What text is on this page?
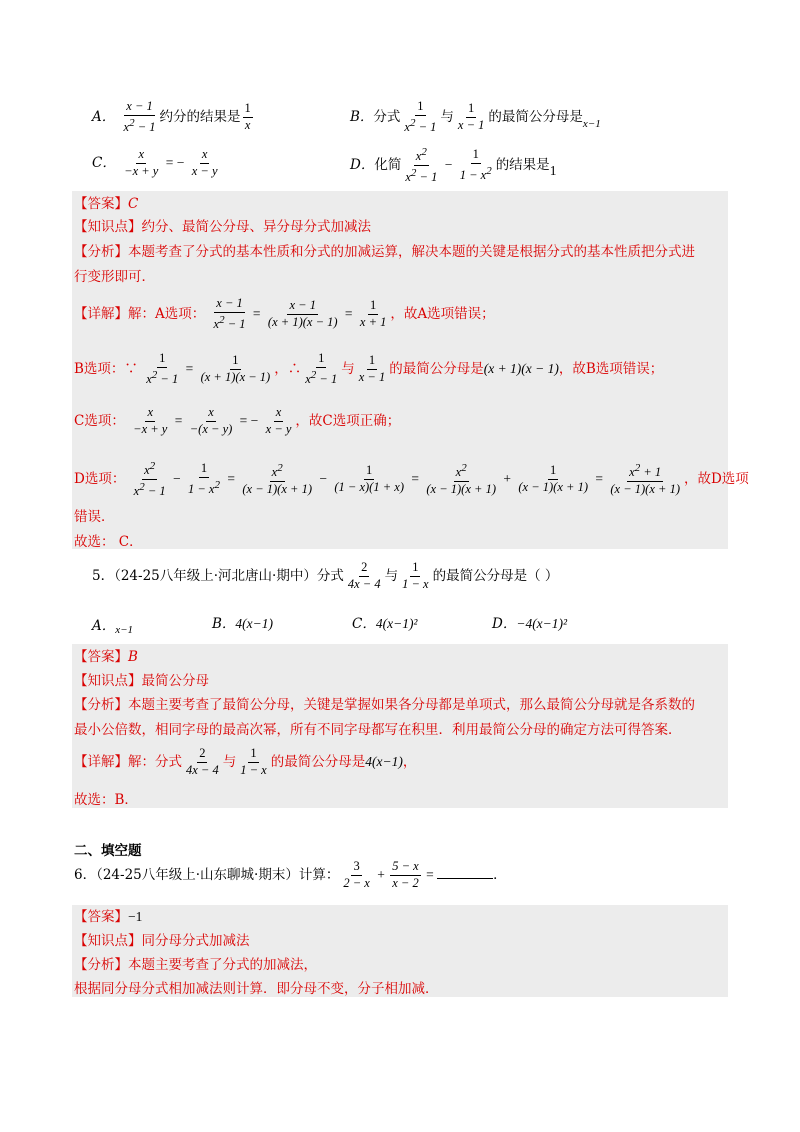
A． $\frac{x - 1}{x^2 - 1}$ 约分的结果是 $\frac{1}{x}$	B．分式 $\frac{1}{x^2 - 1}$ 与 $\frac{1}{x - 1}$ 的最简公分母是$_{x-1}$
C． $\frac{x}{-x + y}$ = − $\frac{x}{x - y}$	D．化简 $\frac{x^2}{x^2 - 1} - \frac{1}{1 - x^2}$ 的结果是1
【答案】C
【知识点】约分、最简公分母、异分母分式加减法
【分析】本题考查了分式的基本性质和分式的加减运算，解决本题的关键是根据分式的基本性质把分式进
行变形即可．
【详解】解：A选项： $\frac{x - 1}{x^2 - 1} = \frac{x - 1}{(x + 1)(x - 1)} = \frac{1}{x + 1}$ ，故A选项错误；
B选项：∵ $\frac{1}{x^2 - 1} = \frac{1}{(x + 1)(x - 1)}$ ，∴ $\frac{1}{x^2 - 1}$ 与 $\frac{1}{x - 1}$ 的最简公分母是(x + 1)(x − 1)，故B选项错误；
C选项： $\frac{x}{-x + y} = \frac{x}{-(x - y)}$ = − $\frac{x}{x - y}$ ，故C选项正确；
D选项： $\frac{x^2}{x^2 - 1} - \frac{1}{1 - x^2} = \frac{x^2}{(x - 1)(x + 1)} - \frac{1}{(1 - x)(1 + x)} = \frac{x^2}{(x - 1)(x + 1)} + \frac{1}{(x - 1)(x + 1)} = \frac{x^2 + 1}{(x - 1)(x + 1)}$ ，故D选项
错误．
故选： C．
5．（24-25八年级上·河北唐山·期中）分式 $\frac{2}{4x - 4}$ 与 $\frac{1}{1 - x}$ 的最简公分母是（ ）
A．$_{x-1}$	B．4(x−1)	C．4(x−1)²	D．−4(x−1)²
【答案】B
【知识点】最简公分母
【分析】本题主要考查了最简公分母，关键是掌握如果各分母都是单项式，那么最简公分母就是各系数的
最小公倍数，相同字母的最高次幂，所有不同字母都写在积里．利用最简公分母的确定方法可得答案．
【详解】解：分式 $\frac{2}{4x - 4}$ 与 $\frac{1}{1 - x}$ 的最简公分母是4(x−1)，
故选：B．
二、填空题
6．（24-25八年级上·山东聊城·期末）计算： $\frac{3}{2 - x} + \frac{5 - x}{x - 2}$ =	．
【答案】−1
【知识点】同分母分式加减法
【分析】本题主要考查了分式的加减法，
根据同分母分式相加减法则计算．即分母不变，分子相加减．
